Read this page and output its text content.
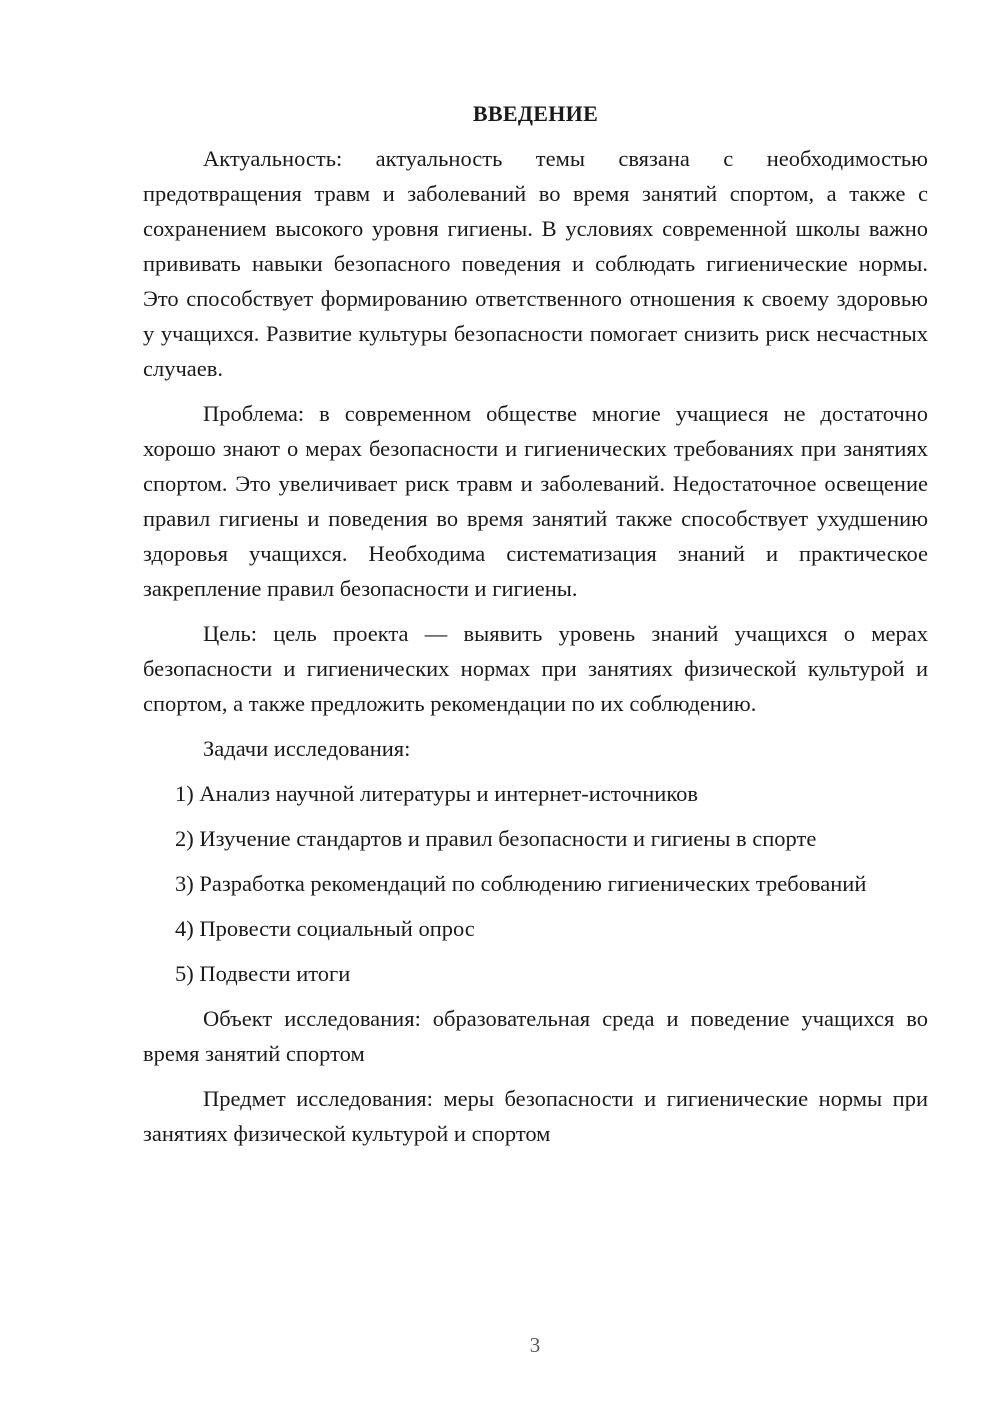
ВВЕДЕНИЕ

Актуальность: актуальность темы связана с необходимостью предотвращения травм и заболеваний во время занятий спортом, а также с сохранением высокого уровня гигиены. В условиях современной школы важно прививать навыки безопасного поведения и соблюдать гигиенические нормы. Это способствует формированию ответственного отношения к своему здоровью у учащихся. Развитие культуры безопасности помогает снизить риск несчастных случаев.

Проблема: в современном обществе многие учащиеся не достаточно хорошо знают о мерах безопасности и гигиенических требованиях при занятиях спортом. Это увеличивает риск травм и заболеваний. Недостаточное освещение правил гигиены и поведения во время занятий также способствует ухудшению здоровья учащихся. Необходима систематизация знаний и практическое закрепление правил безопасности и гигиены.

Цель: цель проекта — выявить уровень знаний учащихся о мерах безопасности и гигиенических нормах при занятиях физической культурой и спортом, а также предложить рекомендации по их соблюдению.

Задачи исследования:

1) Анализ научной литературы и интернет-источников
2) Изучение стандартов и правил безопасности и гигиены в спорте
3) Разработка рекомендаций по соблюдению гигиенических требований
4) Провести социальный опрос
5) Подвести итоги

Объект исследования: образовательная среда и поведение учащихся во время занятий спортом

Предмет исследования: меры безопасности и гигиенические нормы при занятиях физической культурой и спортом

3
